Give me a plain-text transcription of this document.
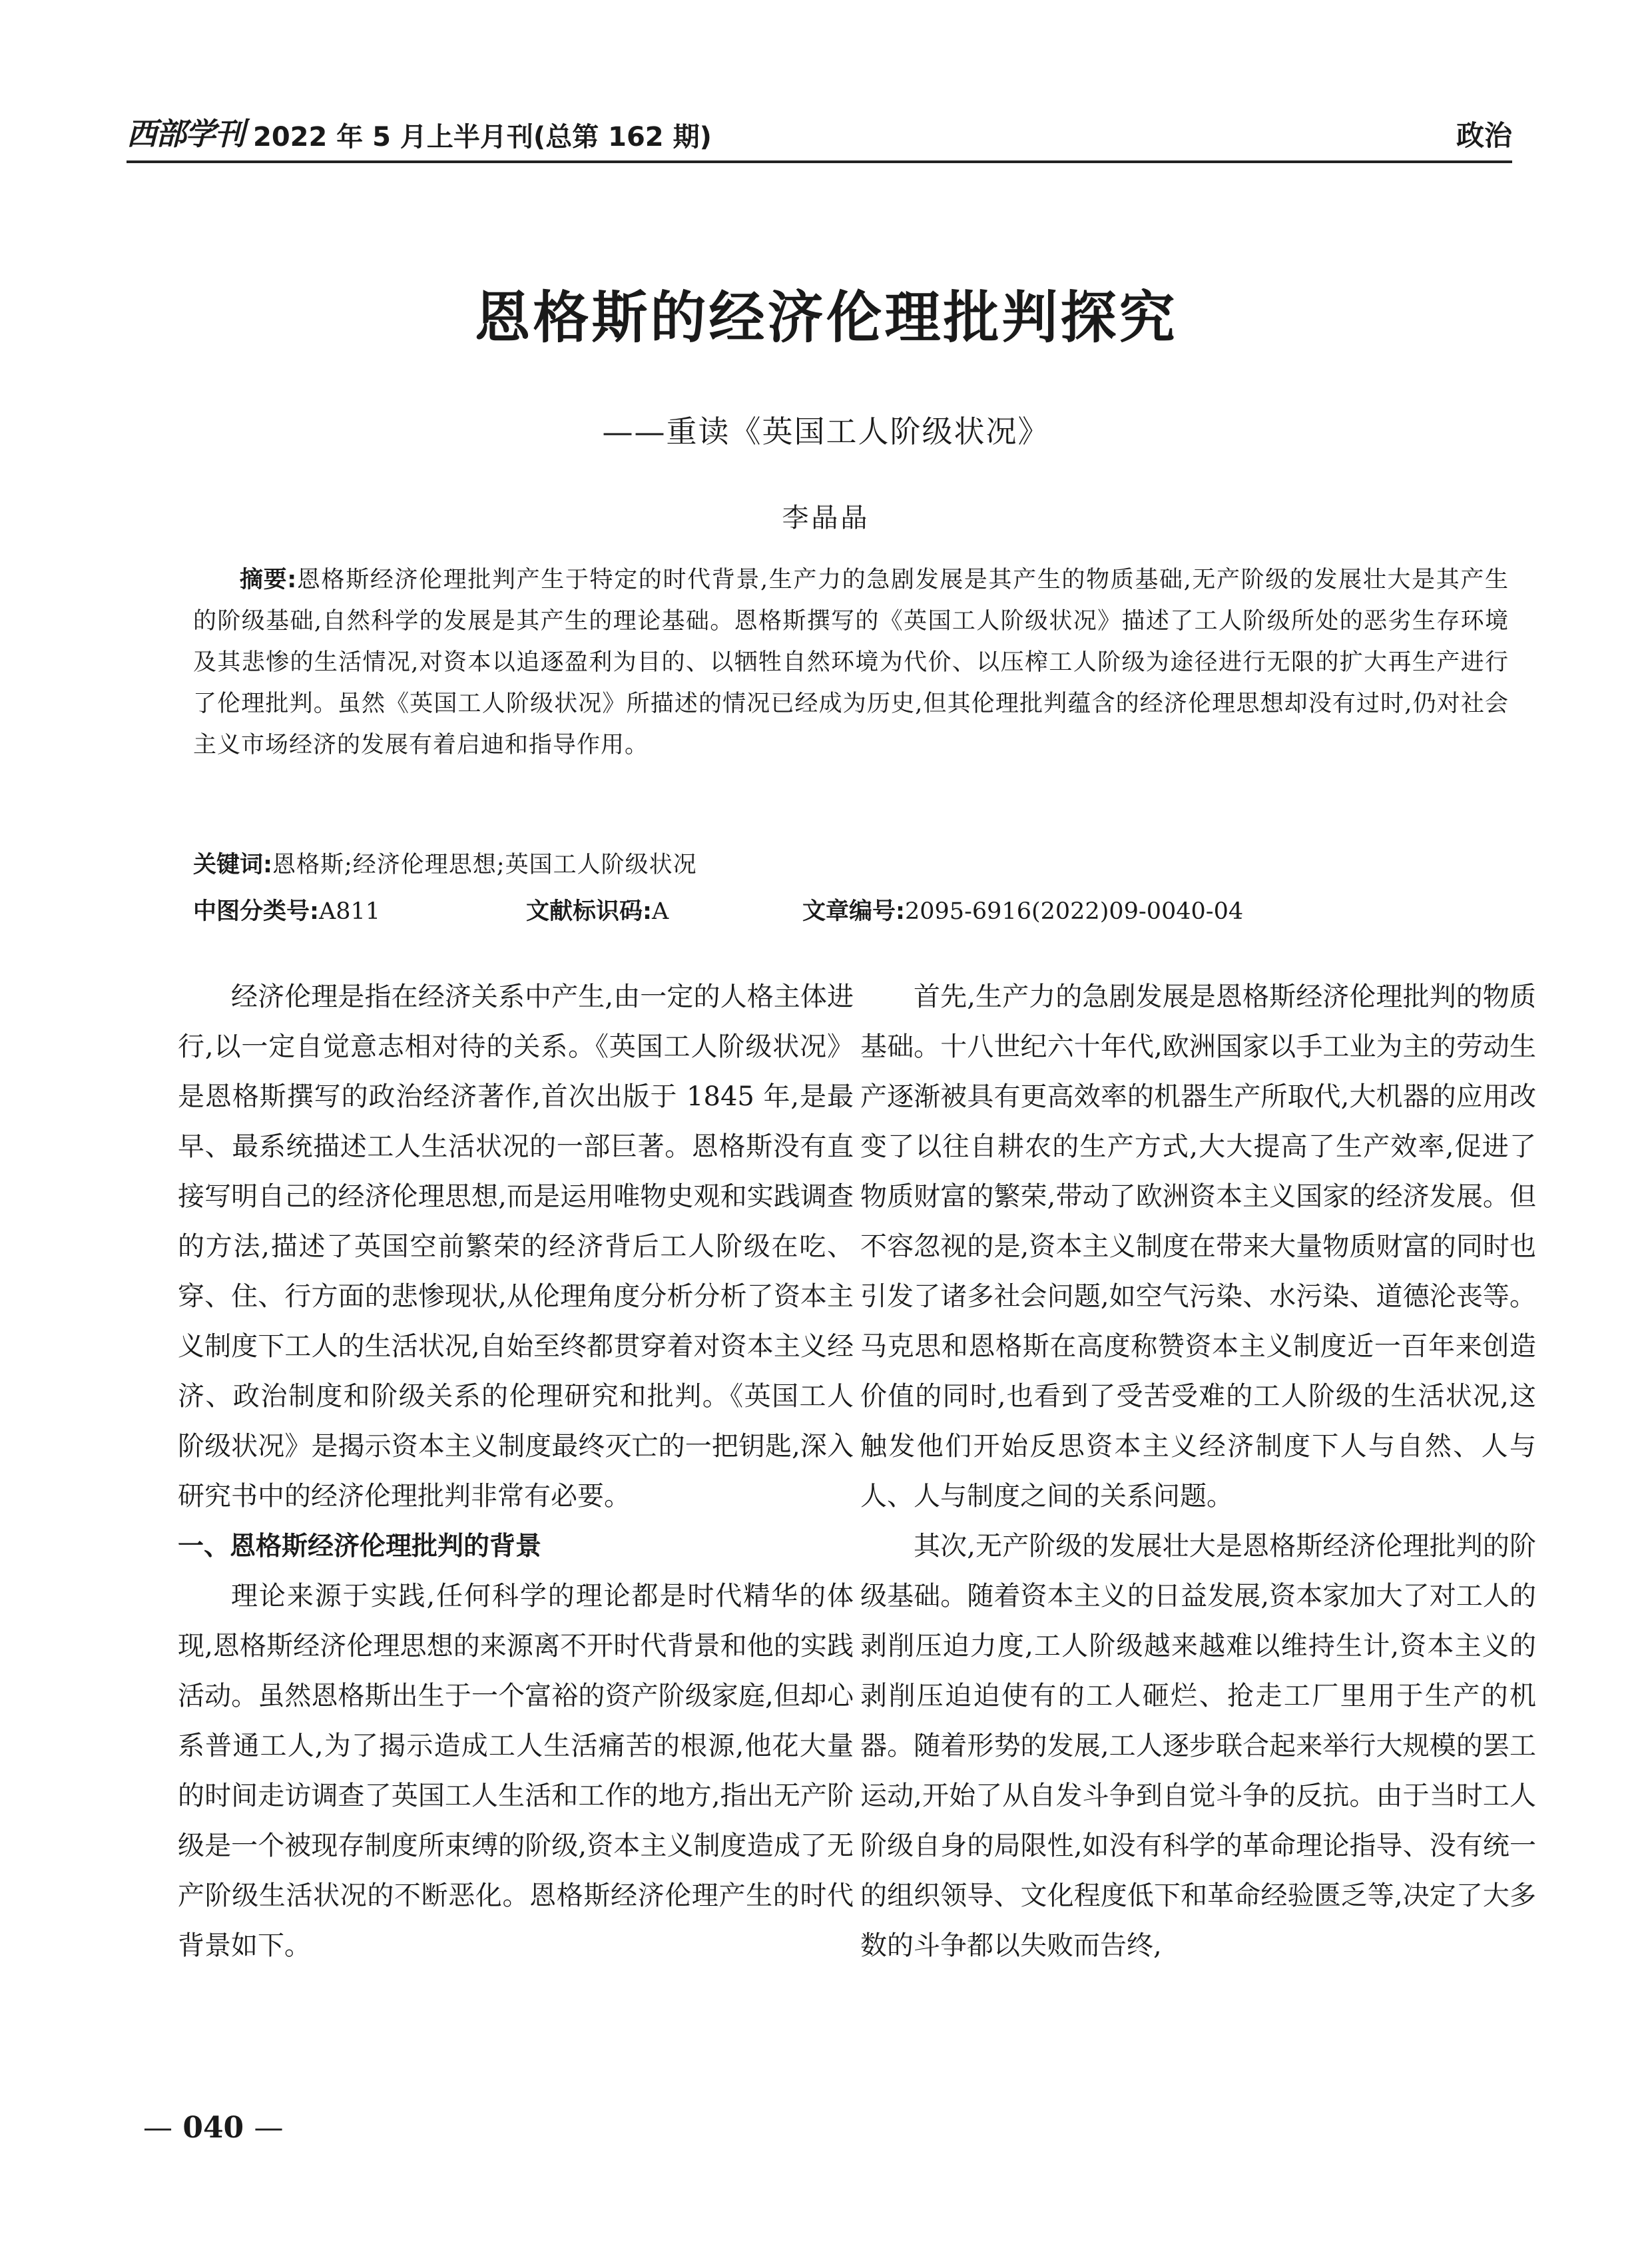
西部学刊 2022 年 5 月上半月刊(总第 162 期)	政治
恩格斯的经济伦理批判探究
——重读《英国工人阶级状况》
李晶晶
摘要:恩格斯经济伦理批判产生于特定的时代背景,生产力的急剧发展是其产生的物质基础,无产阶级的发展壮大是其产生的阶级基础,自然科学的发展是其产生的理论基础。恩格斯撰写的《英国工人阶级状况》描述了工人阶级所处的恶劣生存环境及其悲惨的生活情况,对资本以追逐盈利为目的、以牺牲自然环境为代价、以压榨工人阶级为途径进行无限的扩大再生产进行了伦理批判。虽然《英国工人阶级状况》所描述的情况已经成为历史,但其伦理批判蕴含的经济伦理思想却没有过时,仍对社会主义市场经济的发展有着启迪和指导作用。
关键词:恩格斯;经济伦理思想;英国工人阶级状况
中图分类号:A811	文献标识码:A	文章编号:2095-6916(2022)09-0040-04

经济伦理是指在经济关系中产生,由一定的人格主体进行,以一定自觉意志相对待的关系。《英国工人阶级状况》是恩格斯撰写的政治经济著作,首次出版于 1845 年,是最早、最系统描述工人生活状况的一部巨著。恩格斯没有直接写明自己的经济伦理思想,而是运用唯物史观和实践调查的方法,描述了英国空前繁荣的经济背后工人阶级在吃、穿、住、行方面的悲惨现状,从伦理角度分析分析了资本主义制度下工人的生活状况,自始至终都贯穿着对资本主义经济、政治制度和阶级关系的伦理研究和批判。《英国工人阶级状况》是揭示资本主义制度最终灭亡的一把钥匙,深入研究书中的经济伦理批判非常有必要。

一、恩格斯经济伦理批判的背景

理论来源于实践,任何科学的理论都是时代精华的体现,恩格斯经济伦理思想的来源离不开时代背景和他的实践活动。虽然恩格斯出生于一个富裕的资产阶级家庭,但却心系普通工人,为了揭示造成工人生活痛苦的根源,他花大量的时间走访调查了英国工人生活和工作的地方,指出无产阶级是一个被现存制度所束缚的阶级,资本主义制度造成了无产阶级生活状况的不断恶化。恩格斯经济伦理产生的时代背景如下。

首先,生产力的急剧发展是恩格斯经济伦理批判的物质基础。十八世纪六十年代,欧洲国家以手工业为主的劳动生产逐渐被具有更高效率的机器生产所取代,大机器的应用改变了以往自耕农的生产方式,大大提高了生产效率,促进了物质财富的繁荣,带动了欧洲资本主义国家的经济发展。但不容忽视的是,资本主义制度在带来大量物质财富的同时也引发了诸多社会问题,如空气污染、水污染、道德沦丧等。马克思和恩格斯在高度称赞资本主义制度近一百年来创造价值的同时,也看到了受苦受难的工人阶级的生活状况,这触发他们开始反思资本主义经济制度下人与自然、人与人、人与制度之间的关系问题。

其次,无产阶级的发展壮大是恩格斯经济伦理批判的阶级基础。随着资本主义的日益发展,资本家加大了对工人的剥削压迫力度,工人阶级越来越难以维持生计,资本主义的剥削压迫迫使有的工人砸烂、抢走工厂里用于生产的机器。随着形势的发展,工人逐步联合起来举行大规模的罢工运动,开始了从自发斗争到自觉斗争的反抗。由于当时工人阶级自身的局限性,如没有科学的革命理论指导、没有统一的组织领导、文化程度低下和革命经验匮乏等,决定了大多数的斗争都以失败而告终,

— 040 —
